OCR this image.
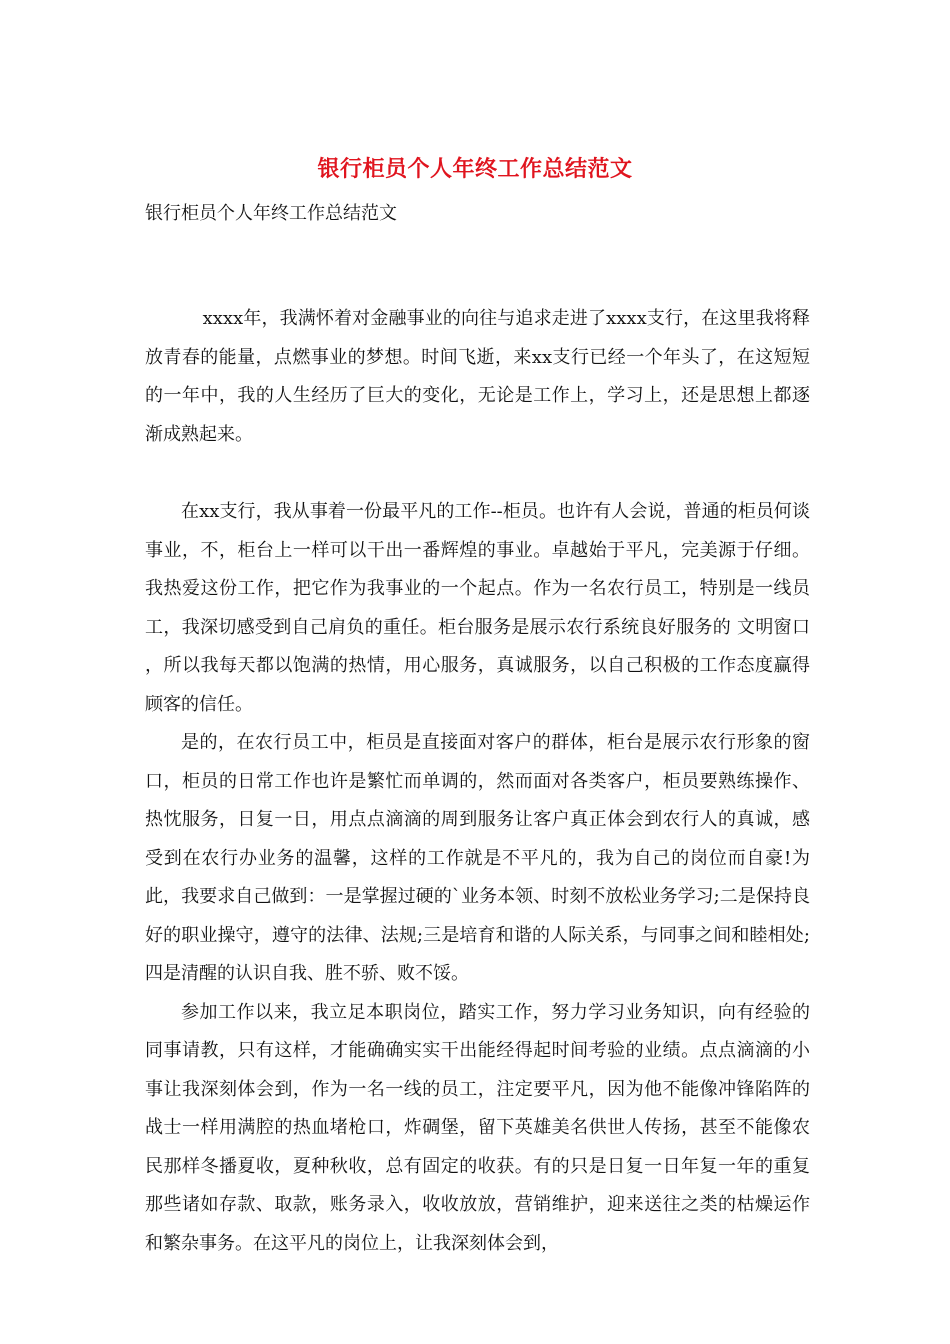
银行柜员个人年终工作总结范文
银行柜员个人年终工作总结范文

xxxx年，我满怀着对金融事业的向往与追求走进了xxxx支行，在这里我将释放青春的能量，点燃事业的梦想。时间飞逝，来xx支行已经一个年头了，在这短短的一年中，我的人生经历了巨大的变化，无论是工作上，学习上，还是思想上都逐渐成熟起来。

在xx支行，我从事着一份最平凡的工作--柜员。也许有人会说，普通的柜员何谈事业，不，柜台上一样可以干出一番辉煌的事业。卓越始于平凡，完美源于仔细。我热爱这份工作，把它作为我事业的一个起点。作为一名农行员工，特别是一线员工，我深切感受到自己肩负的重任。柜台服务是展示农行系统良好服务的 文明窗口 ，所以我每天都以饱满的热情，用心服务，真诚服务，以自己积极的工作态度赢得顾客的信任。

是的，在农行员工中，柜员是直接面对客户的群体，柜台是展示农行形象的窗口，柜员的日常工作也许是繁忙而单调的，然而面对各类客户，柜员要熟练操作、热忱服务，日复一日，用点点滴滴的周到服务让客户真正体会到农行人的真诚，感受到在农行办业务的温馨，这样的工作就是不平凡的，我为自己的岗位而自豪!为此，我要求自己做到：一是掌握过硬的`业务本领、时刻不放松业务学习;二是保持良好的职业操守，遵守的法律、法规;三是培育和谐的人际关系，与同事之间和睦相处;四是清醒的认识自我、胜不骄、败不馁。

参加工作以来，我立足本职岗位，踏实工作，努力学习业务知识，向有经验的同事请教，只有这样，才能确确实实干出能经得起时间考验的业绩。点点滴滴的小事让我深刻体会到，作为一名一线的员工，注定要平凡，因为他不能像冲锋陷阵的战士一样用满腔的热血堵枪口，炸碉堡，留下英雄美名供世人传扬，甚至不能像农民那样冬播夏收，夏种秋收，总有固定的收获。有的只是日复一日年复一年的重复那些诸如存款、取款，账务录入，收收放放，营销维护，迎来送往之类的枯燥运作和繁杂事务。在这平凡的岗位上，让我深刻体会到，
